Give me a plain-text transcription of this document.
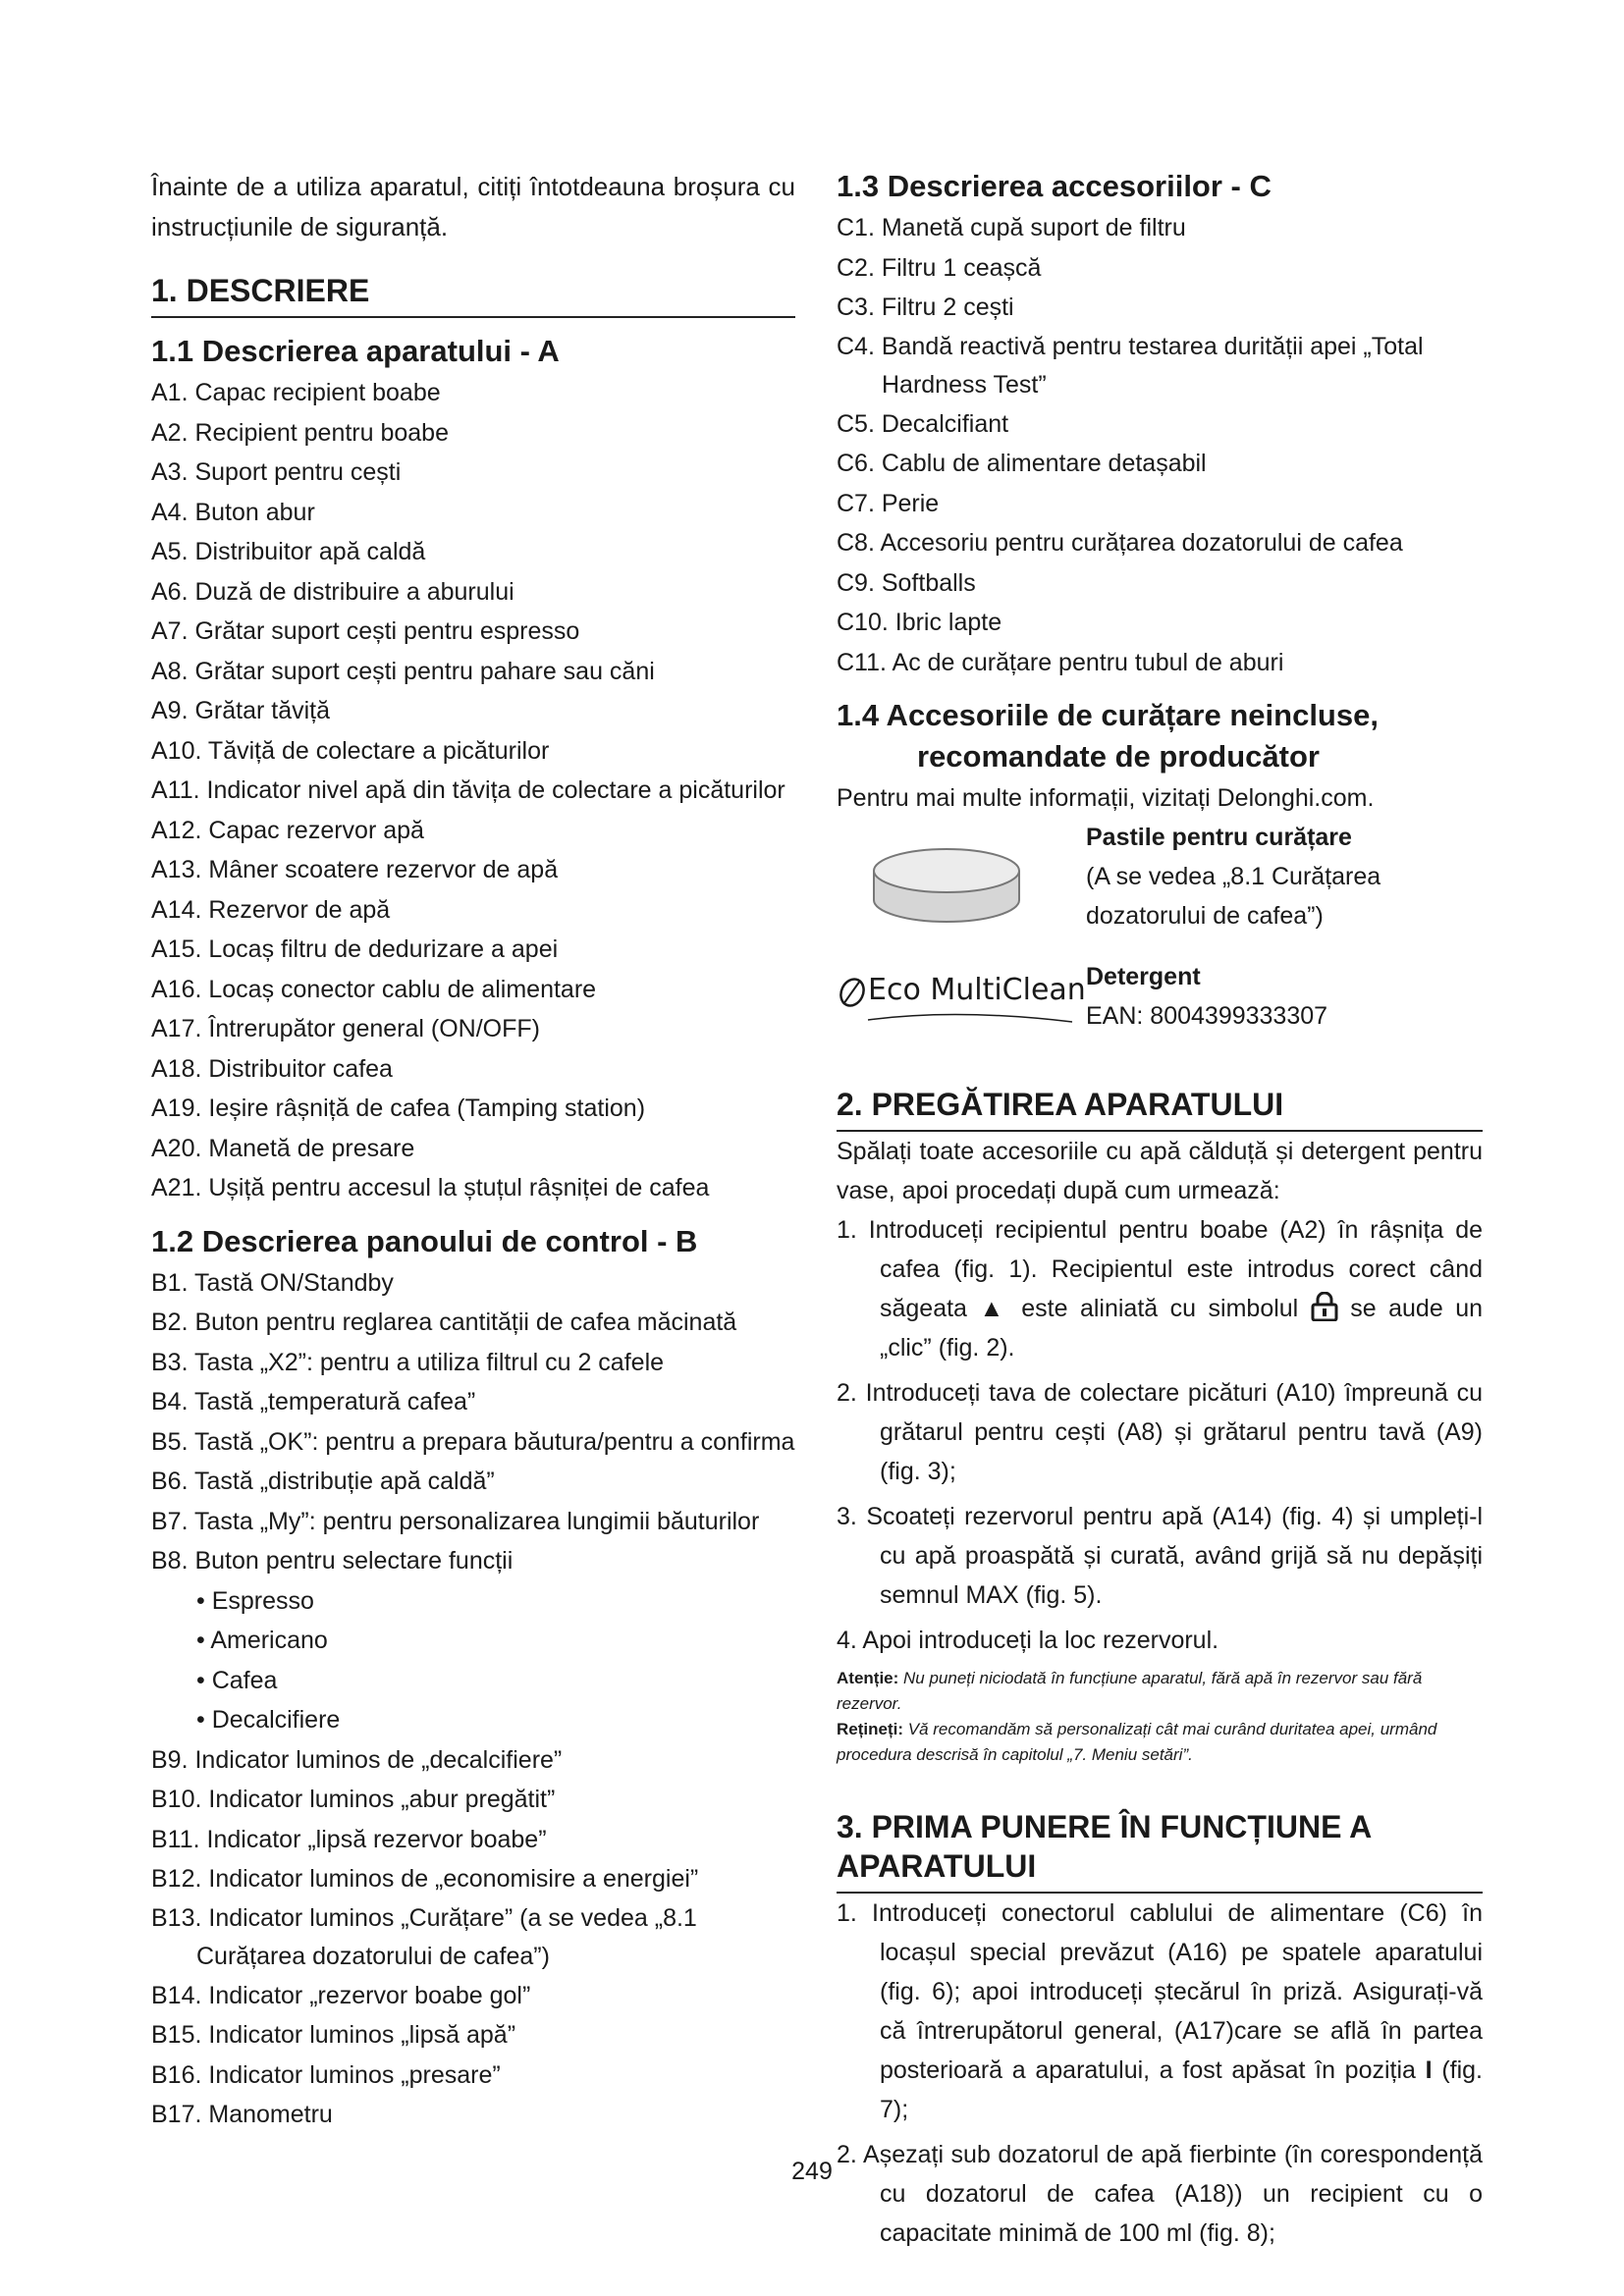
Înainte de a utiliza aparatul, citiți întotdeauna broșura cu instrucțiunile de siguranță.

1. DESCRIERE
1.1 Descrierea aparatului - A
A1. Capac recipient boabe
A2. Recipient pentru boabe
A3. Suport pentru cești
A4. Buton abur
A5. Distribuitor apă caldă
A6. Duză de distribuire a aburului
A7. Grătar suport cești pentru espresso
A8. Grătar suport cești pentru pahare sau căni
A9. Grătar tăviță
A10. Tăviță de colectare a picăturilor
A11. Indicator nivel apă din tăvița de colectare a picăturilor
A12. Capac rezervor apă
A13. Mâner scoatere rezervor de apă
A14. Rezervor de apă
A15. Locaș filtru de dedurizare a apei
A16. Locaș conector cablu de alimentare
A17. Întrerupător general (ON/OFF)
A18. Distribuitor cafea
A19. Ieșire râșniță de cafea (Tamping station)
A20. Manetă de presare
A21. Ușiță pentru accesul la ștuțul râșniței de cafea
1.2 Descrierea panoului de control - B
B1. Tastă ON/Standby
B2. Buton pentru reglarea cantității de cafea măcinată
B3. Tasta „X2”: pentru a utiliza filtrul cu 2 cafele
B4. Tastă „temperatură cafea”
B5. Tastă „OK”: pentru a prepara băutura/pentru a confirma
B6. Tastă „distribuție apă caldă”
B7. Tasta „My”: pentru personalizarea lungimii băuturilor
B8. Buton pentru selectare funcții
• Espresso
• Americano
• Cafea
• Decalcifiere
B9. Indicator luminos de „decalcifiere”
B10. Indicator luminos „abur pregătit”
B11. Indicator „lipsă rezervor boabe”
B12. Indicator luminos de „economisire a energiei”
B13. Indicator luminos „Curățare” (a se vedea „8.1 Curățarea dozatorului de cafea”)
B14. Indicator „rezervor boabe gol”
B15. Indicator luminos „lipsă apă”
B16. Indicator luminos „presare”
B17. Manometru
1.3 Descrierea accesoriilor - C
C1. Manetă cupă suport de filtru
C2. Filtru 1 ceașcă
C3. Filtru 2 cești
C4. Bandă reactivă pentru testarea durității apei „Total Hardness Test”
C5. Decalcifiant
C6. Cablu de alimentare detașabil
C7. Perie
C8. Accesoriu pentru curățarea dozatorului de cafea
C9. Softballs
C10. Ibric lapte
C11. Ac de curățare pentru tubul de aburi
1.4 Accesoriile de curățare neincluse,
recomandate de producător

Pentru mai multe informații, vizitați Delonghi.com.

Pastile pentru curățare
(A se vedea „8.1 Curățarea dozatorului de cafea”)
Eco MultiClean Detergent
EAN: 8004399333307
2. PREGĂTIREA APARATULUI

Spălați toate accesoriile cu apă călduță și detergent pentru vase, apoi procedați după cum urmează:

1. Introduceți recipientul pentru boabe (A2) în râșnița de cafea (fig. 1). Recipientul este introdus corect când săgeata ▲ este aliniată cu simbolul se aude un „clic” (fig. 2).
2. Introduceți tava de colectare picături (A10) împreună cu grătarul pentru cești (A8) și grătarul pentru tavă (A9) (fig. 3);
3. Scoateți rezervorul pentru apă (A14) (fig. 4) și umpleți-l cu apă proaspătă și curată, având grijă să nu depășiți semnul MAX (fig. 5).
4. Apoi introduceți la loc rezervorul.

Atenție: Nu puneți niciodată în funcțiune aparatul, fără apă în rezervor sau fără rezervor.

Rețineți: Vă recomandăm să personalizați cât mai curând duritatea apei, urmând procedura descrisă în capitolul „7. Meniu setări”.

3. PRIMA PUNERE ÎN FUNCȚIUNE A APARATULUI
1. Introduceți conectorul cablului de alimentare (C6) în locașul special prevăzut (A16) pe spatele aparatului (fig. 6); apoi introduceți ștecărul în priză. Asigurați-vă că întrerupătorul general, (A17)care se află în partea posterioară a aparatului, a fost apăsat în poziția I (fig. 7);
2. Așezați sub dozatorul de apă fierbinte (în corespondență cu dozatorul de cafea (A18)) un recipient cu o capacitate minimă de 100 ml (fig. 8);
249
